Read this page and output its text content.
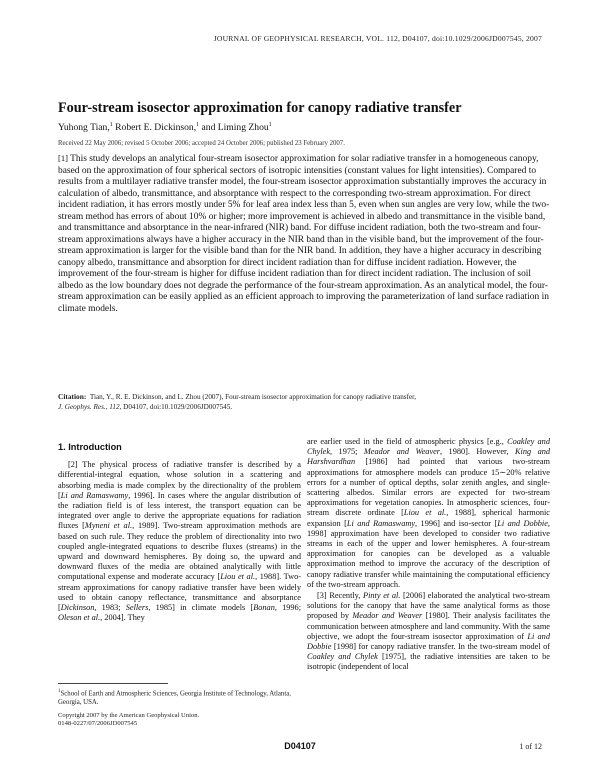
JOURNAL OF GEOPHYSICAL RESEARCH, VOL. 112, D04107, doi:10.1029/2006JD007545, 2007
Four-stream isosector approximation for canopy radiative transfer
Yuhong Tian,$^1$ Robert E. Dickinson,$^1$ and Liming Zhou$^1$
Received 22 May 2006; revised 5 October 2006; accepted 24 October 2006; published 23 February 2007.
[1] This study develops an analytical four-stream isosector approximation for solar radiative transfer in a homogeneous canopy, based on the approximation of four spherical sectors of isotropic intensities (constant values for light intensities). Compared to results from a multilayer radiative transfer model, the four-stream isosector approximation substantially improves the accuracy in calculation of albedo, transmittance, and absorptance with respect to the corresponding two-stream approximation. For direct incident radiation, it has errors mostly under 5% for leaf area index less than 5, even when sun angles are very low, while the two-stream method has errors of about 10% or higher; more improvement is achieved in albedo and transmittance in the visible band, and transmittance and absorptance in the near-infrared (NIR) band. For diffuse incident radiation, both the two-stream and four-stream approximations always have a higher accuracy in the NIR band than in the visible band, but the improvement of the four-stream approximation is larger for the visible band than for the NIR band. In addition, they have a higher accuracy in describing canopy albedo, transmittance and absorption for direct incident radiation than for diffuse incident radiation. However, the improvement of the four-stream is higher for diffuse incident radiation than for direct incident radiation. The inclusion of soil albedo as the low boundary does not degrade the performance of the four-stream approximation. As an analytical model, the four-stream approximation can be easily applied as an efficient approach to improving the parameterization of land surface radiation in climate models.
Citation: Tian, Y., R. E. Dickinson, and L. Zhou (2007), Four-stream isosector approximation for canopy radiative transfer,
J. Geophys. Res., 112, D04107, doi:10.1029/2006JD007545.
1. Introduction

[2] The physical process of radiative transfer is described by a differential-integral equation, whose solution in a scattering and absorbing media is made complex by the directionality of the problem [Li and Ramaswamy, 1996]. In cases where the angular distribution of the radiation field is of less interest, the transport equation can be integrated over angle to derive the appropriate equations for radiation fluxes [Myneni et al., 1989]. Two-stream approximation methods are based on such rule. They reduce the problem of directionality into two coupled angle-integrated equations to describe fluxes (streams) in the upward and downward hemispheres. By doing so, the upward and downward fluxes of the media are obtained analytically with little computational expense and moderate accuracy [Liou et al., 1988]. Two-stream approximations for canopy radiative transfer have been widely used to obtain canopy reflectance, transmittance and absorptance [Dickinson, 1983; Sellers, 1985] in climate models [Bonan, 1996; Oleson et al., 2004]. They

are earlier used in the field of atmospheric physics [e.g., Coakley and Chylek, 1975; Meador and Weaver, 1980]. However, King and Harshvardhan [1986] had pointed that various two-stream approximations for atmosphere models can produce 15∼20% relative errors for a number of optical depths, solar zenith angles, and single-scattering albedos. Similar errors are expected for two-stream approximations for vegetation canopies. In atmospheric sciences, four-stream discrete ordinate [Liou et al., 1988], spherical harmonic expansion [Li and Ramaswamy, 1996] and iso-sector [Li and Dobbie, 1998] approximation have been developed to consider two radiative streams in each of the upper and lower hemispheres. A four-stream approximation for canopies can be developed as a valuable approximation method to improve the accuracy of the description of canopy radiative transfer while maintaining the computational efficiency of the two-stream approach.

[3] Recently, Pinty et al. [2006] elaborated the analytical two-stream solutions for the canopy that have the same analytical forms as those proposed by Meador and Weaver [1980]. Their analysis facilitates the communication between atmosphere and land community. With the same objective, we adopt the four-stream isosector approximation of Li and Dobbie [1998] for canopy radiative transfer. In the two-stream model of Coakley and Chylek [1975], the radiative intensities are taken to be isotropic (independent of local

$^1$School of Earth and Atmospheric Sciences, Georgia Institute of Technology, Atlanta, Georgia, USA.
Copyright 2007 by the American Geophysical Union.
0148-0227/07/2006JD007545
D04107	1 of 12
